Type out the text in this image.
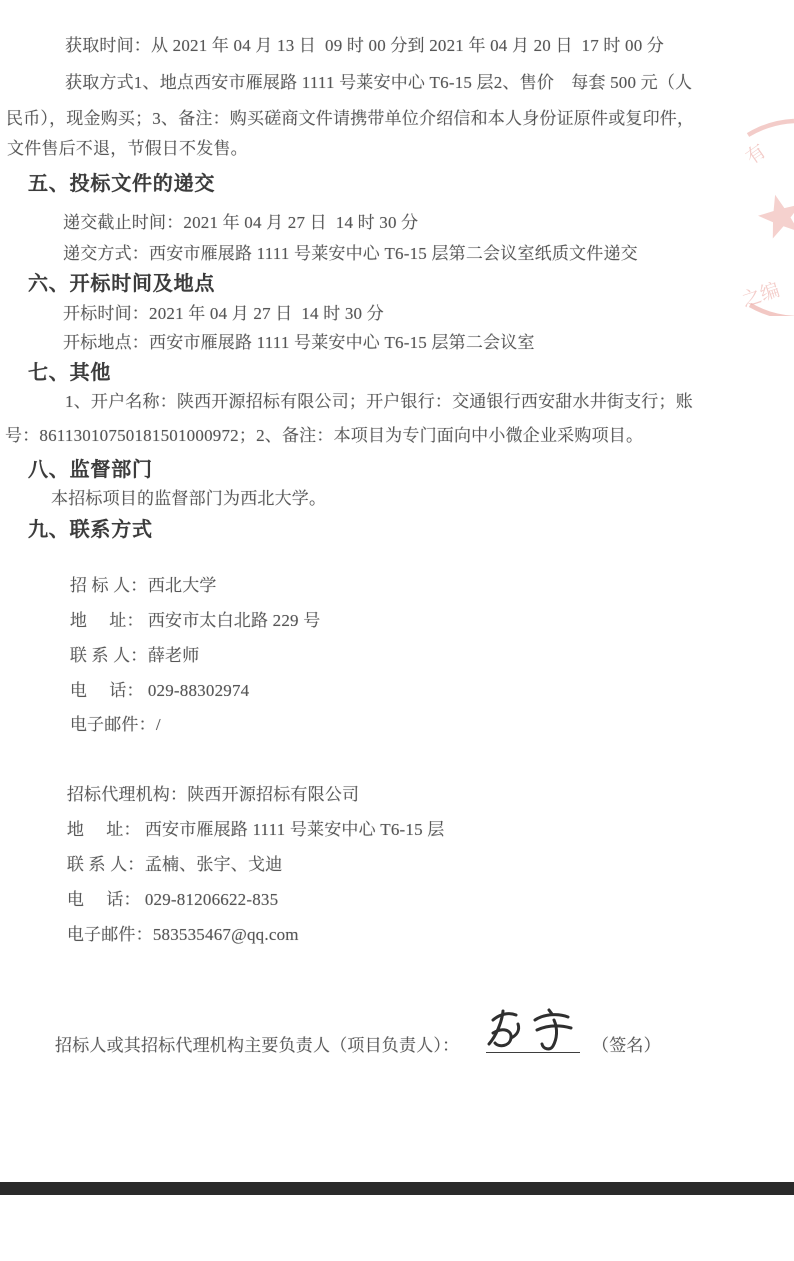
获取时间：从 2021 年 04 月 13 日  09 时 00 分到 2021 年 04 月 20 日  17 时 00 分
获取方式1、地点西安市雁展路 1111 号莱安中心 T6-15 层2、售价　每套 500 元（人
民币），现金购买；3、备注：购买磋商文件请携带单位介绍信和本人身份证原件或复印件，
文件售后不退，节假日不发售。
五、投标文件的递交
递交截止时间：2021 年 04 月 27 日  14 时 30 分
递交方式：西安市雁展路 1111 号莱安中心 T6-15 层第二会议室纸质文件递交
六、开标时间及地点
开标时间：2021 年 04 月 27 日  14 时 30 分
开标地点：西安市雁展路 1111 号莱安中心 T6-15 层第二会议室
七、其他
1、开户名称：陕西开源招标有限公司；开户银行：交通银行西安甜水井街支行；账
号：86113010750181501000972；2、备注：本项目为专门面向中小微企业采购项目。
八、监督部门
本招标项目的监督部门为西北大学。
九、联系方式

招 标 人：西北大学

地     址： 西安市太白北路 229 号

联 系 人：薛老师

电     话： 029-88302974

电子邮件：/

招标代理机构：陕西开源招标有限公司

地     址： 西安市雁展路 1111 号莱安中心 T6-15 层

联 系 人：孟楠、张宇、戈迪

电     话： 029-81206622-835

电子邮件：583535467@qq.com

招标人或其招标代理机构主要负责人（项目负责人）：	（签名）
有
之编
